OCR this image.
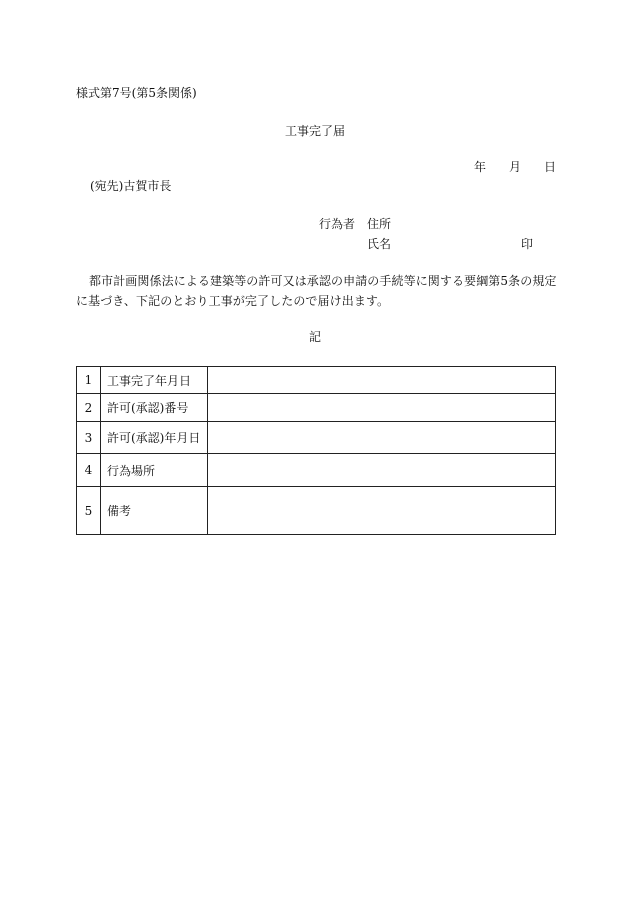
様式第7号(第5条関係)
工事完了届
年 月 日
(宛先)古賀市長
行為者 住所
氏名	印
都市計画関係法による建築等の許可又は承認の申請の手続等に関する要綱第5条の規定に基づき、下記のとおり工事が完了したので届け出ます。
記
1	工事完了年月日	
2	許可(承認)番号	
3	許可(承認)年月日	
4	行為場所	
5	備考	
